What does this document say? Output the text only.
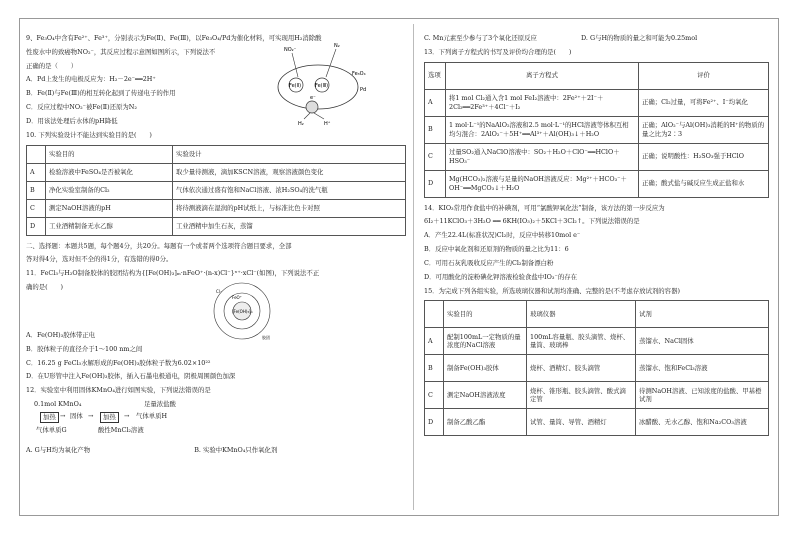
9、Fe₃O₄中含有Fe²⁺、Fe³⁺，分别表示为Fe(Ⅱ)、Fe(Ⅲ)，以Fe₃O₄/Pd为催化材料，可实现用H₂消除酸
性废水中的致癌物NO₂⁻，其反应过程示意图如图所示，下列说法不
正确的是（　　）
A．Pd上发生的电极反应为：H₂－2e⁻══2H⁺
B．Fe(Ⅱ)与Fe(Ⅲ)的相互转化起到了传递电子的作用
C．反应过程中NO₂⁻被Fe(Ⅱ)还原为N₂
D．用该法处理后水体的pH降低
NO₂⁻
N₂
Fe(Ⅱ)	Fe(Ⅲ)
Fe₃O₄
Pd
H₂	H⁺
e⁻
10. 下列实验设计不能达到实验目的是(　　)
	实验目的	实验设计
A	检验溶液中FeSO₄是否被氧化	取少量待测液，滴加KSCN溶液，观察溶液颜色变化
B	净化实验室制备的Cl₂	气体依次通过盛有饱和NaCl溶液、浓H₂SO₄的洗气瓶
C	测定NaOH溶液的pH	将待测液滴在湿润的pH试纸上，与标准比色卡对照
D	工业酒精制备无水乙醇	工业酒精中加生石灰，蒸馏
二、选择题：本题共5题，每个题4分，共20分。每题有一个或者两个选项符合题目要求，全部
答对得4分，选对但不全的得1分，有选错的得0分。
11．FeCl₃与H₂O制备胶体的胶团结构为{[Fe(OH)₃]ₘ·nFeO⁺·(n-x)Cl⁻}ˣ⁺·xCl⁻(如图)，下列说法不正
确的是(　　)
Cl⁻
FeO⁺
[Fe(OH)₃]ₘ
胶团
A．Fe(OH)₃胶体带正电
B．胶体粒子的直径介于1～100 nm之间
C．16.25 g FeCl₃水解形成的Fe(OH)₃胶体粒子数为6.02×10²²
D．在U形管中注入Fe(OH)₃胶体，插入石墨电极通电，阴极周围颜色加深
12．实验室中利用固体KMnO₄进行如图实验，下列说法错误的是
0.1mol KMnO₄	足量浓盐酸
加热 → 固体 →	加热	→ 气体单质H
气体单质G	酸性MnCl₂溶液
A. G与H均为氧化产物	B. 实验中KMnO₄只作氧化剂
C. Mn元素至少参与了3个氧化还原反应	D. G与H的物质的量之和可能为0.25mol
13．下列离子方程式的书写及评价均合理的是(　　)
选项	离子方程式	评价
A	将1 mol Cl₂通入含1 mol FeI₂溶液中：2Fe²⁺＋2I⁻＋2Cl₂══2Fe³⁺＋4Cl⁻＋I₂	正确；Cl₂过量，可将Fe²⁺、I⁻均氧化
B	1 mol·L⁻¹的NaAlO₂溶液和2.5 mol·L⁻¹的HCl溶液等体积互相均匀混合：2AlO₂⁻＋5H⁺══Al³⁺＋Al(OH)₃↓＋H₂O	正确；AlO₂⁻与Al(OH)₃消耗的H⁺的物质的量之比为2∶3
C	过量SO₂通入NaClO溶液中：SO₂＋H₂O＋ClO⁻══HClO＋HSO₃⁻	正确；说明酸性：H₂SO₃强于HClO
D	Mg(HCO₃)₂溶液与足量的NaOH溶液反应：Mg²⁺＋HCO₃⁻＋OH⁻══MgCO₃↓＋H₂O	正确；酸式盐与碱反应生成正盐和水
14．KIO₃常用作食盐中的补碘剂，可用“氯酸钾氧化法”制备，该方法的第一步反应为
6I₂＋11KClO₃＋3H₂O ══ 6KH(IO₃)₂＋5KCl＋3Cl₂↑。下列说法错误的是
A．产生22.4L(标准状况)Cl₂时，反应中转移10mol e⁻
B．反应中氧化剂和还原剂的物质的量之比为11：6
C．可用石灰乳吸收反应产生的Cl₂制备漂白粉
D．可用酸化的淀粉碘化钾溶液检验食盐中IO₃⁻的存在
15．为完成下列各组实验，所选玻璃仪器和试剂均准确、完整的是(不考虑存放试剂的容器)
	实验目的	玻璃仪器	试剂
A	配制100mL一定物质的量浓度的NaCl溶液	100mL容量瓶、胶头滴管、烧杯、量筒、玻璃棒	蒸馏水、NaCl固体
B	制备Fe(OH)₃胶体	烧杯、酒精灯、胶头滴管	蒸馏水、饱和FeCl₃溶液
C	测定NaOH溶液浓度	烧杯、锥形瓶、胶头滴管、酸式滴定管	待测NaOH溶液、已知浓度的盐酸、甲基橙试剂
D	制备乙酸乙酯	试管、量筒、导管、酒精灯	冰醋酸、无水乙醇、饱和Na₂CO₃溶液
